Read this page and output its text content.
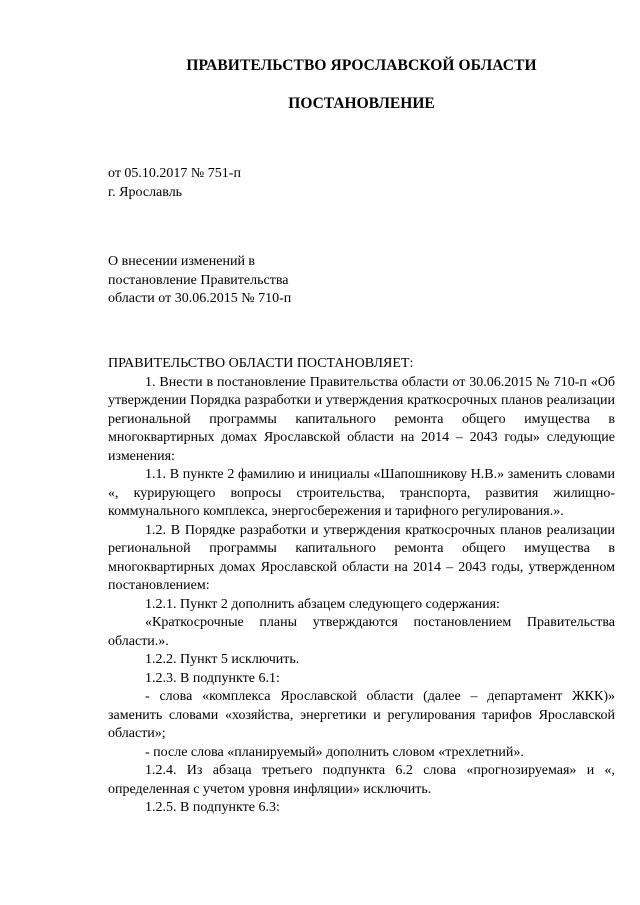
ПРАВИТЕЛЬСТВО ЯРОСЛАВСКОЙ ОБЛАСТИ
ПОСТАНОВЛЕНИЕ
от 05.10.2017 № 751-п
г. Ярославль
О внесении изменений в
постановление Правительства
области от 30.06.2015 № 710-п

ПРАВИТЕЛЬСТВО ОБЛАСТИ ПОСТАНОВЛЯЕТ:

1. Внести в постановление Правительства области от 30.06.2015 № 710-п «Об утверждении Порядка разработки и утверждения краткосрочных планов реализации региональной программы капитального ремонта общего имущества в многоквартирных домах Ярославской области на 2014 – 2043 годы» следующие изменения:

1.1. В пункте 2 фамилию и инициалы «Шапошникову Н.В.» заменить словами «, курирующего вопросы строительства, транспорта, развития жилищно-коммунального комплекса, энергосбережения и тарифного регулирования.».

1.2. В Порядке разработки и утверждения краткосрочных планов реализации региональной программы капитального ремонта общего имущества в многоквартирных домах Ярославской области на 2014 – 2043 годы, утвержденном постановлением:

1.2.1. Пункт 2 дополнить абзацем следующего содержания:

«Краткосрочные планы утверждаются постановлением Правительства области.».

1.2.2. Пункт 5 исключить.

1.2.3. В подпункте 6.1:

- слова «комплекса Ярославской области (далее – департамент ЖКК)» заменить словами «хозяйства, энергетики и регулирования тарифов Ярославской области»;

- после слова «планируемый» дополнить словом «трехлетний».

1.2.4. Из абзаца третьего подпункта 6.2 слова «прогнозируемая» и «, определенная с учетом уровня инфляции» исключить.

1.2.5. В подпункте 6.3:
